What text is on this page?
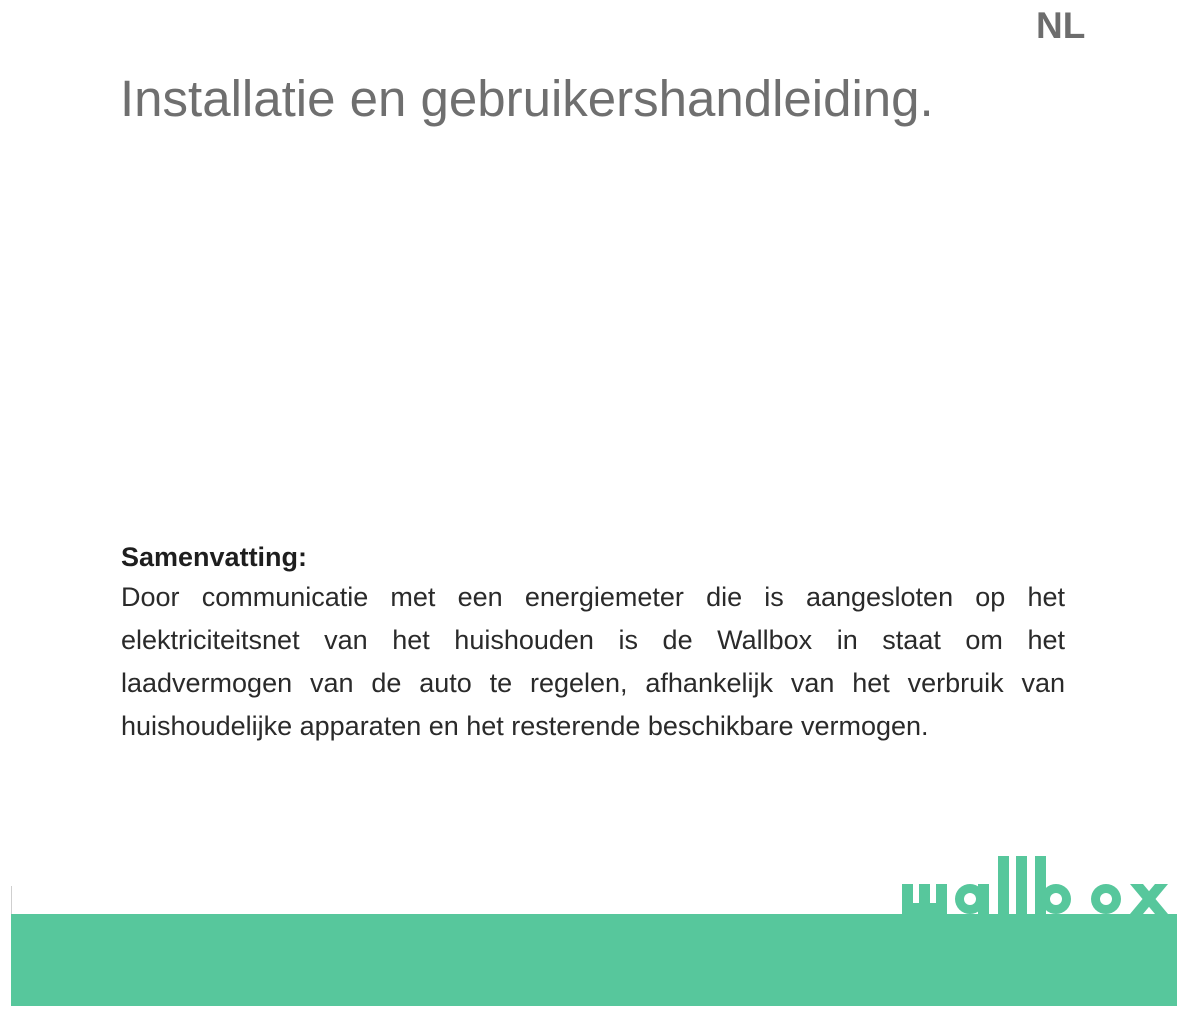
NL
Installatie en gebruikershandleiding.

Samenvatting:

Door communicatie met een energiemeter die is aangesloten op het elektriciteitsnet van het huishouden is de Wallbox in staat om het laadvermogen van de auto te regelen, afhankelijk van het verbruik van huishoudelijke apparaten en het resterende beschikbare vermogen.
